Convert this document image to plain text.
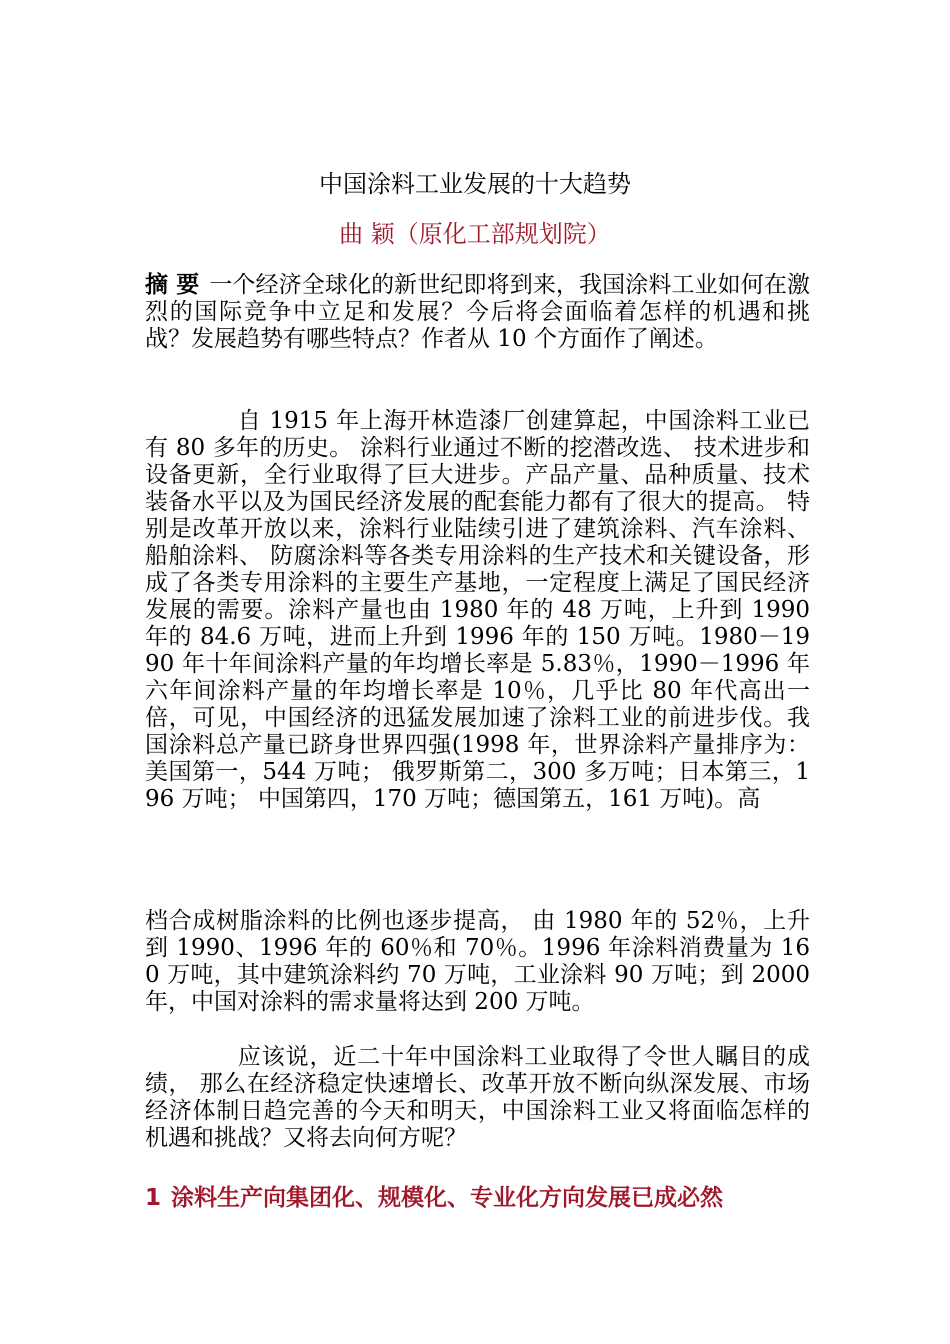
中国涂料工业发展的十大趋势
曲 颖（原化工部规划院）
摘 要 一个经济全球化的新世纪即将到来，我国涂料工业如何在激烈的国际竞争中立足和发展？今后将会面临着怎样的机遇和挑战？发展趋势有哪些特点？作者从 10 个方面作了阐述。
自 1915 年上海开林造漆厂创建算起，中国涂料工业已有 80 多年的历史。 涂料行业通过不断的挖潜改选、 技术进步和设备更新，全行业取得了巨大进步。产品产量、品种质量、技术装备水平以及为国民经济发展的配套能力都有了很大的提高。 特别是改革开放以来，涂料行业陆续引进了建筑涂料、汽车涂料、 船舶涂料、 防腐涂料等各类专用涂料的生产技术和关键设备，形成了各类专用涂料的主要生产基地，一定程度上满足了国民经济发展的需要。涂料产量也由 1980 年的 48 万吨，上升到 1990 年的 84.6 万吨，进而上升到 1996 年的 150 万吨。1980－1990 年十年间涂料产量的年均增长率是 5.83％，1990－1996 年六年间涂料产量的年均增长率是 10％，几乎比 80 年代高出一倍，可见，中国经济的迅猛发展加速了涂料工业的前进步伐。我国涂料总产量已跻身世界四强(1998 年，世界涂料产量排序为：美国第一，544 万吨； 俄罗斯第二，300 多万吨；日本第三，196 万吨； 中国第四，170 万吨；德国第五，161 万吨)。高
档合成树脂涂料的比例也逐步提高， 由 1980 年的 52％，上升到 1990、1996 年的 60％和 70％。1996 年涂料消费量为 160 万吨，其中建筑涂料约 70 万吨，工业涂料 90 万吨；到 2000 年，中国对涂料的需求量将达到 200 万吨。
应该说，近二十年中国涂料工业取得了令世人瞩目的成绩， 那么在经济稳定快速增长、改革开放不断向纵深发展、市场经济体制日趋完善的今天和明天，中国涂料工业又将面临怎样的机遇和挑战？又将去向何方呢？
1 涂料生产向集团化、规模化、专业化方向发展已成必然
